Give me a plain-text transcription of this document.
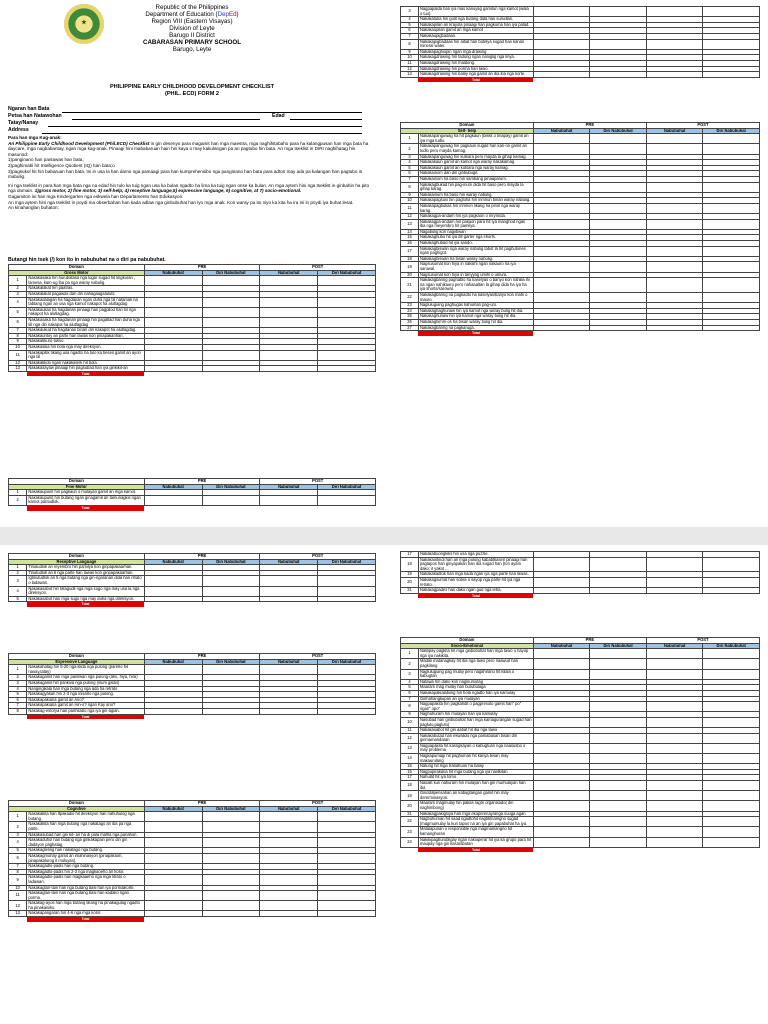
★
Republic of the Philippines
Department of Education (DepEd)
Region VIII (Eastern Visayas)
Division of Leyte
Barugo II District
CABARASAN PRIMARY SCHOOL
Barugo, Leyte
PHILIPPINE EARLY CHILDHOOD DEVELOPMENT CHECKLIST
(PHIL. ECD) FORM 2
Ngaran han Bata
Petsa han Natawohan	Edad
Tatay/Nanay
Address

Para han mga Kag-anak:

An Philippine Early Childhood Development (Phil.ECD) Checklist in gin desenyo para magamit han mga maestra, mga naghihitabaho para ha kalangpusan han mga bata ha daycare, mga nagbabantay, ngan mga kag-anak. Pinaagi hini mababaruan hain hin kaya o may kakulangan pa an pagtubo hin bata. An mga tseklist in DIRI naghihatag hin masunod:

1)panginano han panlawas han bata;

2)paghimabi hit Intelligence Quotient (IQ) han bata;o

3)pagsukol hit hin babaruan han bata. Ini in usa la han damo nga pamaagi para han kumprehensibo nga panginano han bata para adton may ada pa kalangan han pagtubo in mabulig.

Ini nga tseklist in para han mga bata nga na edad hin tulo ka tuig ngan usa ka bulan ngadto ha lima ka tuig ngan onse ka bulan. An mga aytem hini nga tseklist in ginbahin ha pito nga domain. 1)gross motor, 2) fine motor, 3) self-help, 4) receptive language,5) expressive language, 6) cognitive, at 7) socio-emotional.

Gagamiton ini han mga Kindergarten nga eskwela han Departamento han Edukasyon.

An mga aytem hini nga tseklist in poydi ma obserbahan han kada adlaw nga ginbubuhat han iyo mga anak. Kon waray pa ito niyo ka kita ha ira ini in poydi iya buhat lesat.

An kinahanglan buhaton:

Butangi hin tsek (/) kon ito in nabubuhat na o diri pa nabubuhat.
Domain		PRE		POST	
Gross Motor		Nabubuhat	Diri Nabubuhat	Nabubuhat	Diri Nabubuhat
1	Nakakasaka hin hurubatasa nga lugar sugad hit lingkuran , lamesa, kam-ug iba pa nga waray nabulig.				
2	Nakakalakat hin paatras.				
3	Nakakalakat pagawas dan diri nahagaagatuluts.				
4	Nakakadalagan ha hagdanan ngan duha nga tiil natamak ha tabtang ngan an usa nga kamot nakapot ha alutlagdag				
5	Nakakaukas ha hagdanan pinaagi han pagpilod han tiil nga nakapot ha alutlagdag.				
6	Nakakasaka ha hagdanan pinaagi hin pagatlad han duha nga tiil nga diri nakapot ha alutlagdag				
7	Nakakaukud ha hagdanan binan diri nakapot ha alutlagdag.				
8	Nakakauntoy an parte han lawas kon pinapakanhan.				
9	Nakakatikuro-tukso.				
10	Nakakasika hin bola nga may direksyon.				
11	Nakakapitik tikang usa ngadto ha tulo ka beses gamit an ayon nga tiil				
12	Nakakatikdo ngan nakakaterk hit bola.				
13	Nakakasayaw pinaagi hin pagsubad han iya ginkikit-an				
	Total				
Domain		PRE		POST	
Fine Motor		Nabubuhat	Diri Nabubuhat	Nabubuhat	Diri Nabubuhat
1	Nakakaupunit hin pagkaun o mulayan gamit an mga kamot.				
2	Nakakaupunit hin butang ngan ginagamit an tamunagkis ngan kamot pantudlok.				
	Total				
3	Nagpapalda han iya mas kanuyag gamitun nga kamot (wala o tuo).				
4	Nakakatuka hin gulit nga butang dida han surudlan.				
5	Nakakapilan an krayola pinaagi han pagkuma han iya palad.				
6	Nakakaupilan gamit an mga kamot				
7	Nakakaupigbadaas.				
8	Nakakapigbadaas hin aibat han botelya sugad han kanan mineral water.				
9	Nakakapaghiupin ngan mga drawing				
10	Nakakagdrawing hin tadung ngan naniglig nga linya.				
11	Nakakagdrawing hin maldong.				
12	Nakakagdrawing hin porma han tawo.				
13	Nakakagdrawing hin balay nga gamit an iba iba nga korte.				
	Total				
Domain		PRE		POST	
Self- help		Nabubuhat	Diri Nabubuhat	Nabubuhat	Diri Nabubuhat
1	Nakakapanguwag ha hit pagkaun (biskit o tinapay) gamit an iya mga tudlo.				
2	Nakakapanguwag hin pagkaun sugad han kan-on gamit an tudlo pero mayda kamag.				
3	Nakakapanguwag hin kutsara pero mayda la gihap kamag.				
4	Nakakakaun gamit an kamot nga waray nakakamag.				
5	Nakakakaun gamit an kutsara nga waray kamag.				
6	Nakakainom dan diri ginbubugit.				
7	Nakakainom ha baso hin sambang pinaaparum.				
8	Nakakagbukad hin pag-inum dida hit baso pero mayda la gihap karag.				
9	Nakakainum ha baso hin waray nabulig.				
10	Nakakapagsusi hin pagtuha hin inmnun binan waray nabulig.				
11	Nakakapagbukas hin inmnon likang ha pinol nga waray karag.				
12	Nakakagpa-andam hin iya pagkaon o mrynnda.				
13	Nakakagpa-andam hin pakaon para hit iya manghod ngan iba nga meyembro hit pamilya.				
14	Nagabulig kon nagiibwan				
15	Nakakaghubo hit iya dit-garter nga shorts.				
16	Nakakaghubad hit iya sando.				
17	Nakakagbiswan nga waray nabulig tabot la hit pagbutones ngan paghigot.				
18	Nakakagbiswan ha bisan waray nabulig.				
19	Nagsusumat kon hiya in naksihi ngan nakauro ha iya sarowal.				
20	Nagsusumat kon hiya in tanyyag umihi o umura.				
21	Nakakagbaring paghablo ha kaselyas o banyo kon nahilia ihi na ngan nahikauro pero nahaaaltan la gihap dida ha iya ha iya shorts/sarowal.				
22	Nakakagbaring na pagkadto ha kaselyas/banyo kon mahi o mauro.				
23	Nagluluguing paghugas kahuman pag-uro.				
24	Nakakaghaghunaw hin iya kamot nga waray bulig hit iba.				
25	Nakakaghunaw hin iya kamot nga waray bulig hit iba.				
26	Nakakaghimm-os ha bisan waray bulig hit iba.				
27	Nakakagbaring na pagkaruga.				
	Total				
Domain		PRE		POST	
Receptive Language		Nabubuhat	Diri Nabubuhat	Nabubuhat	Diri Nabubuhat
1	Tinutudlok an reyembro hin pamilya kon ginpapakaarhan.				
2	Tinutudlok an 5 nga parte han lawas kon ginpapakaarhan.				
3	Igtinutudlok an 5 nga butang nga gin-ngaranan dida han ritrato o ladawan.				
4	Nakakasabot hin tatagudli nga mga sugo nga may usa la nga direksyon.				
5	Nakakasabot han mga sugo nga may duha nga direksyon.				
	Total				
Domain		PRE		POST	
Expressive Language		Nabubuhat	Diri Nabubuhat	Nabubuhat	Diri Nabubuhat
1	Nakakahatag hin 5-20 nga klida nga pulong (pareho hit nanay,tatay)				
2	Nakakagamit han mga panilwan nga pulong-(ako, hiya, hira)				
3	Nakakagamit hin pankiva nga pulong (inum gatas)				
4	Nangingikala han mga butang nga ada ha retrato				
5	Nakakagyakan hin 2-3 nga inisatro nga pulong.				
6	Nakakapakiana gamit an Ano?				
7	Nakakapakiana gamit an Hin-o? ngan Kay ano?				
8	Nakakag-estorya han panhitabo nga iya gin-agian.				
	Total				
Domain		PRE		POST	
Cognitive		Nabubuhat	Diri Nabubuhat	Nabubuhat	Diri Nabubuhat
1	Nakakakita han Itpakadio hit direksyon han nahuhulog nga butang.				
2	Nakakakita han mga butang nga nakatago an iba pa nga parte.				
3	Nakakasubad han gin kit- an ha di pala malha nga panahon.				
4	Nakakaduhol han butang nga ginkakapain pero diri gin dadayon paghatag.				
5	Nakakagteling han nakatago nga butang.				
6	Nakakagmuhay gamit an imahinasyon (pinapakaon, pinapakalurog it muluyan).				
7	Nakakagadlo-padis han nga butang.				
8	Nakakagadlo-padis hin 2-3 nga magkaoeho an kolor.				
9	Nakakagadlo-padis han magkaaeho nga mga litrato o ladawan.				
10	Nakakagtan-tain han nga butang basi han iya pormaikorte.				
11	Nakakagtan-tain han nga butang basi han kadako ngan porma.				
12	Nakakag-ayos han mga butang tikang ha pinakagulag ngadto ha pinakaisiko.				
13	Nakakapangaran hin 4-6 nga mga kolor.				
	Total				
17	Nakakabuongkiks hin usa nga puzzle.				
18	Nakakaintindi han an mga pulong kababtkasen pinaagi han pagtapos han ginyapakan han iba sugad han (ton ayam dako; it yakot ...				
19	Nakakakadtok han mga kada ngan iya nga parte han lawas.				
20	Nakakagsumat han sobra o sayop nga parte hit iya nga retrato.				
21	Nakakagpades han dako ngan gud nga letra.				
	Total				
Domain		PRE		POST	
Socio-Emotional		Nabubuhat	Diri Nabubuhat	Nabubuhat	Diri Nabubuhat
1	Nalilipay pagkita hit mga ginbubuhat han mga tawo o hayop nga iya nakikita.				
2	Madali matanagkay hit iba nga tawo pero naawud han pagkilang				
3	Nagluluguing pag mulay pero nagahiranu hit kilala o kabugtan				
4	Natawa hin dako kon naginumutag				
5	Maaram mag mulay han burubulaga				
6	Nakakapakialabiing hin bola ngadto han iya kamulay				
7	Ginhahangkupan an iya mulayan				
8	Nagpapakita hin pagkahdit o pagpresoto gamit han" po" ngan" opo"				
9	Naghuhuram hin mulayan han iya kamulay				
10	Nasubad han ginbubuhat han mga kamagurangan sugad han pagluto,pagluto)				
11	Nakakasabot hit gin aabat hit iba nga tawo				
12	Nakakabutad han ekwalido nga pamabasan bisan diri ginmamandaran				
13	Nagpapakita hit kasngkayan o kabugtuan nga naasusbo o may problema				
14	Nagkapumagi hit paghuman hit kanya bisan may makaurulang				
15	Natung hit mga trabahuon ha balay				
16	Nagpopirakana hit mga butang nga iya naiitkitan				
17	Nahulat hit iya tomo				
18	Nasalit kun nahuram hin mulayan han gin mumulayan han iba				
19	Ginddilipensahan an kabugtangan gamit hin may dererminasyon.				
20	Maaram magmulay hin pakas ragm organisado( din naghimbong)				
21	Nakakagpakigsiya han mga ekuperenay/anga suuga agan				
22	Nagbuhuman hit saad ngadtohit nagtitimamgno sugad (magmumulay la kun tapos na an iya gin papabuhat ha iya.				
23	Matalapunan o responsible nga magmamangno hit kamanghuran				
24	Nakikipagburubligay ngan nakioperar hit iya ka grupo para hit maupay nga gin kasarabutan				
	Total				
